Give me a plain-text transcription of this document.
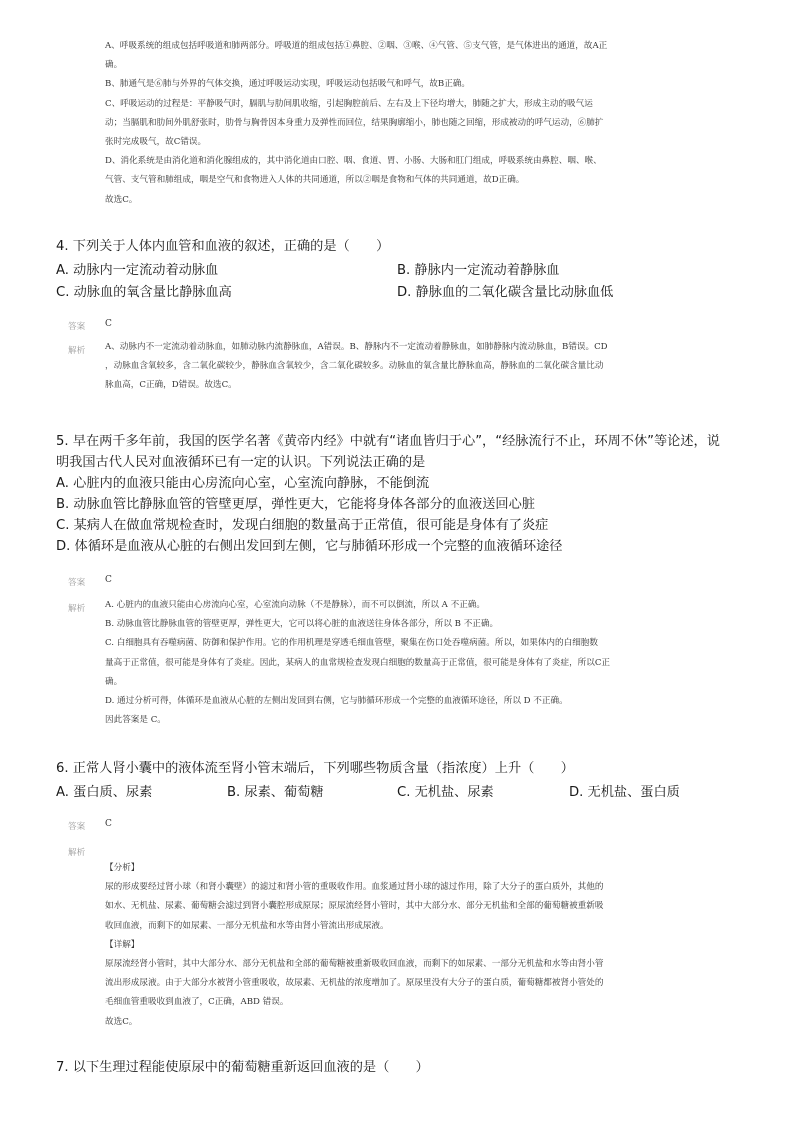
A、呼吸系统的组成包括呼吸道和肺两部分。呼吸道的组成包括①鼻腔、②咽、③喉、④气管、⑤支气管，是气体进出的通道，故A正
确。
B、肺通气是⑥肺与外界的气体交换，通过呼吸运动实现，呼吸运动包括吸气和呼气，故B正确。
C、呼吸运动的过程是：平静吸气时，膈肌与肋间肌收缩，引起胸腔前后、左右及上下径均增大，肺随之扩大，形成主动的吸气运
动；当膈肌和肋间外肌舒张时，肋骨与胸骨因本身重力及弹性而回位，结果胸廓缩小，肺也随之回缩，形成被动的呼气运动，⑥肺扩
张时完成吸气，故C错误。
D、消化系统是由消化道和消化腺组成的，其中消化道由口腔、咽、食道、胃、小肠、大肠和肛门组成，呼吸系统由鼻腔、咽、喉、
气管、支气管和肺组成，咽是空气和食物进入人体的共同通道，所以②咽是食物和气体的共同通道，故D正确。
故选C。
4. 下列关于人体内血管和血液的叙述，正确的是（　　）
A. 动脉内一定流动着动脉血	B. 静脉内一定流动着静脉血
C. 动脉血的氧含量比静脉血高	D. 静脉血的二氧化碳含量比动脉血低
答案 C
解析 A、动脉内不一定流动着动脉血，如肺动脉内流静脉血，A错误。B、静脉内不一定流动着静脉血，如肺静脉内流动脉血，B错误。CD
，动脉血含氧较多，含二氧化碳较少，静脉血含氧较少，含二氧化碳较多。动脉血的氧含量比静脉血高，静脉血的二氧化碳含量比动
脉血高，C正确，D错误。故选C。
5. 早在两千多年前，我国的医学名著《黄帝内经》中就有“诸血皆归于心”，“经脉流行不止，环周不休”等论述，说
明我国古代人民对血液循环已有一定的认识。下列说法正确的是
A. 心脏内的血液只能由心房流向心室，心室流向静脉，不能倒流
B. 动脉血管比静脉血管的管壁更厚，弹性更大，它能将身体各部分的血液送回心脏
C. 某病人在做血常规检查时，发现白细胞的数量高于正常值，很可能是身体有了炎症
D. 体循环是血液从心脏的右侧出发回到左侧，它与肺循环形成一个完整的血液循环途径
答案 C
解析 A. 心脏内的血液只能由心房流向心室，心室流向动脉（不是静脉），而不可以倒流，所以 A 不正确。
B. 动脉血管比静脉血管的管壁更厚，弹性更大，它可以将心脏的血液送往身体各部分，所以 B 不正确。
C. 白细胞具有吞噬病菌、防御和保护作用。它的作用机理是穿透毛细血管壁，聚集在伤口处吞噬病菌。所以，如果体内的白细胞数
量高于正常值，很可能是身体有了炎症。因此，某病人的血常规检查发现白细胞的数量高于正常值，很可能是身体有了炎症，所以C正
确。
D. 通过分析可得，体循环是血液从心脏的左侧出发回到右侧，它与肺循环形成一个完整的血液循环途径，所以 D 不正确。
因此答案是 C。
6. 正常人肾小囊中的液体流至肾小管末端后，下列哪些物质含量（指浓度）上升（　　）
A. 蛋白质、尿素	B. 尿素、葡萄糖	C. 无机盐、尿素	D. 无机盐、蛋白质
答案 C
解析
【分析】
尿的形成要经过肾小球（和肾小囊壁）的滤过和肾小管的重吸收作用。血浆通过肾小球的滤过作用，除了大分子的蛋白质外，其他的
如水、无机盐、尿素、葡萄糖会滤过到肾小囊腔形成原尿；原尿流经肾小管时，其中大部分水、部分无机盐和全部的葡萄糖被重新吸
收回血液，而剩下的如尿素、一部分无机盐和水等由肾小管流出形成尿液。
【详解】
原尿流经肾小管时，其中大部分水、部分无机盐和全部的葡萄糖被重新吸收回血液，而剩下的如尿素、一部分无机盐和水等由肾小管
流出形成尿液。由于大部分水被肾小管重吸收，故尿素、无机盐的浓度增加了。原尿里没有大分子的蛋白质，葡萄糖都被肾小管处的
毛细血管重吸收到血液了，C正确，ABD 错误。
故选C。
7. 以下生理过程能使原尿中的葡萄糖重新返回血液的是（　　）
